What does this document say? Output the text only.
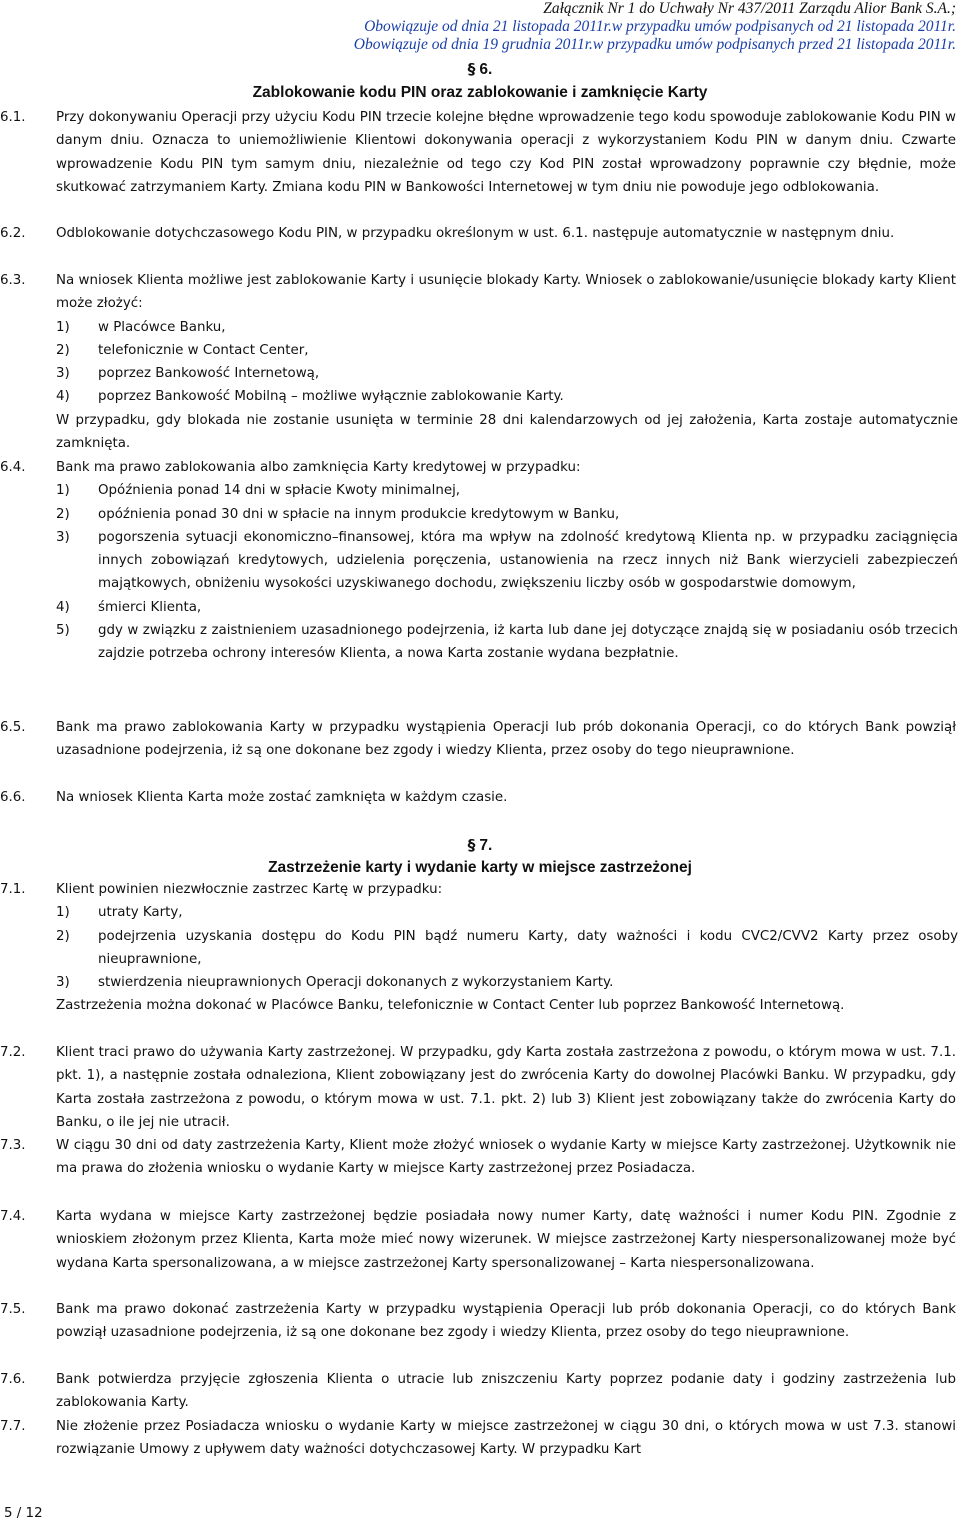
Załącznik Nr 1 do Uchwały Nr 437/2011 Zarządu Alior Bank S.A.;
Obowiązuje od dnia 21 listopada 2011r.w przypadku umów podpisanych od 21 listopada 2011r.
Obowiązuje od dnia 19 grudnia 2011r.w przypadku umów podpisanych przed 21 listopada 2011r.
§ 6.
Zablokowanie kodu PIN oraz zablokowanie i zamknięcie Karty
6.1.	Przy dokonywaniu Operacji przy użyciu Kodu PIN trzecie kolejne błędne wprowadzenie tego kodu spowoduje zablokowanie Kodu PIN w danym dniu. Oznacza to uniemożliwienie Klientowi dokonywania operacji z wykorzystaniem Kodu PIN w danym dniu. Czwarte wprowadzenie Kodu PIN tym samym dniu, niezależnie od tego czy Kod PIN został wprowadzony poprawnie czy błędnie, może skutkować zatrzymaniem Karty. Zmiana kodu PIN w Bankowości Internetowej w tym dniu nie powoduje jego odblokowania.
6.2.	Odblokowanie dotychczasowego Kodu PIN, w przypadku określonym w ust. 6.1. następuje automatycznie w następnym dniu.
6.3.	Na wniosek Klienta możliwe jest zablokowanie Karty i usunięcie blokady Karty. Wniosek o zablokowanie/usunięcie blokady karty Klient może złożyć:
1) w Placówce Banku,
2) telefonicznie w Contact Center,
3) poprzez Bankowość Internetową,
4) poprzez Bankowość Mobilną – możliwe wyłącznie zablokowanie Karty.
W przypadku, gdy blokada nie zostanie usunięta w terminie 28 dni kalendarzowych od jej założenia, Karta zostaje automatycznie zamknięta.
6.4.	Bank ma prawo zablokowania albo zamknięcia Karty kredytowej w przypadku:
1) Opóźnienia ponad 14 dni w spłacie Kwoty minimalnej,
2) opóźnienia ponad 30 dni w spłacie na innym produkcie kredytowym w Banku,
3) pogorszenia sytuacji ekonomiczno–finansowej, która ma wpływ na zdolność kredytową Klienta np. w przypadku zaciągnięcia innych zobowiązań kredytowych, udzielenia poręczenia, ustanowienia na rzecz innych niż Bank wierzycieli zabezpieczeń majątkowych, obniżeniu wysokości uzyskiwanego dochodu, zwiększeniu liczby osób w gospodarstwie domowym,
4) śmierci Klienta,
5) gdy w związku z zaistnieniem uzasadnionego podejrzenia, iż karta lub dane jej dotyczące znajdą się w posiadaniu osób trzecich zajdzie potrzeba ochrony interesów Klienta, a nowa Karta zostanie wydana bezpłatnie.
6.5.	Bank ma prawo zablokowania Karty w przypadku wystąpienia Operacji lub prób dokonania Operacji, co do których Bank powziął uzasadnione podejrzenia, iż są one dokonane bez zgody i wiedzy Klienta, przez osoby do tego nieuprawnione.
6.6.	Na wniosek Klienta Karta może zostać zamknięta w każdym czasie.
§ 7.
Zastrzeżenie karty i wydanie karty w miejsce zastrzeżonej
7.1.	Klient powinien niezwłocznie zastrzec Kartę w przypadku:
1) utraty Karty,
2) podejrzenia uzyskania dostępu do Kodu PIN bądź numeru Karty, daty ważności i kodu CVC2/CVV2 Karty przez osoby nieuprawnione,
3) stwierdzenia nieuprawnionych Operacji dokonanych z wykorzystaniem Karty.
Zastrzeżenia można dokonać w Placówce Banku, telefonicznie w Contact Center lub poprzez Bankowość Internetową.
7.2.	Klient traci prawo do używania Karty zastrzeżonej. W przypadku, gdy Karta została zastrzeżona z powodu, o którym mowa w ust. 7.1. pkt. 1), a następnie została odnaleziona, Klient zobowiązany jest do zwrócenia Karty do dowolnej Placówki Banku. W przypadku, gdy Karta została zastrzeżona z powodu, o którym mowa w ust. 7.1. pkt. 2) lub 3) Klient jest zobowiązany także do zwrócenia Karty do Banku, o ile jej nie utracił.
7.3.	W ciągu 30 dni od daty zastrzeżenia Karty, Klient może złożyć wniosek o wydanie Karty w miejsce Karty zastrzeżonej. Użytkownik nie ma prawa do złożenia wniosku o wydanie Karty w miejsce Karty zastrzeżonej przez Posiadacza.
7.4.	Karta wydana w miejsce Karty zastrzeżonej będzie posiadała nowy numer Karty, datę ważności i numer Kodu PIN. Zgodnie z wnioskiem złożonym przez Klienta, Karta może mieć nowy wizerunek. W miejsce zastrzeżonej Karty niespersonalizowanej może być wydana Karta spersonalizowana, a w miejsce zastrzeżonej Karty spersonalizowanej – Karta niespersonalizowana.
7.5.	Bank ma prawo dokonać zastrzeżenia Karty w przypadku wystąpienia Operacji lub prób dokonania Operacji, co do których Bank powziął uzasadnione podejrzenia, iż są one dokonane bez zgody i wiedzy Klienta, przez osoby do tego nieuprawnione.
7.6.	Bank potwierdza przyjęcie zgłoszenia Klienta o utracie lub zniszczeniu Karty poprzez podanie daty i godziny zastrzeżenia lub zablokowania Karty.
7.7.	Nie złożenie przez Posiadacza wniosku o wydanie Karty w miejsce zastrzeżonej w ciągu 30 dni, o których mowa w ust 7.3. stanowi rozwiązanie Umowy z upływem daty ważności dotychczasowej Karty. W przypadku Kart
5 / 12
